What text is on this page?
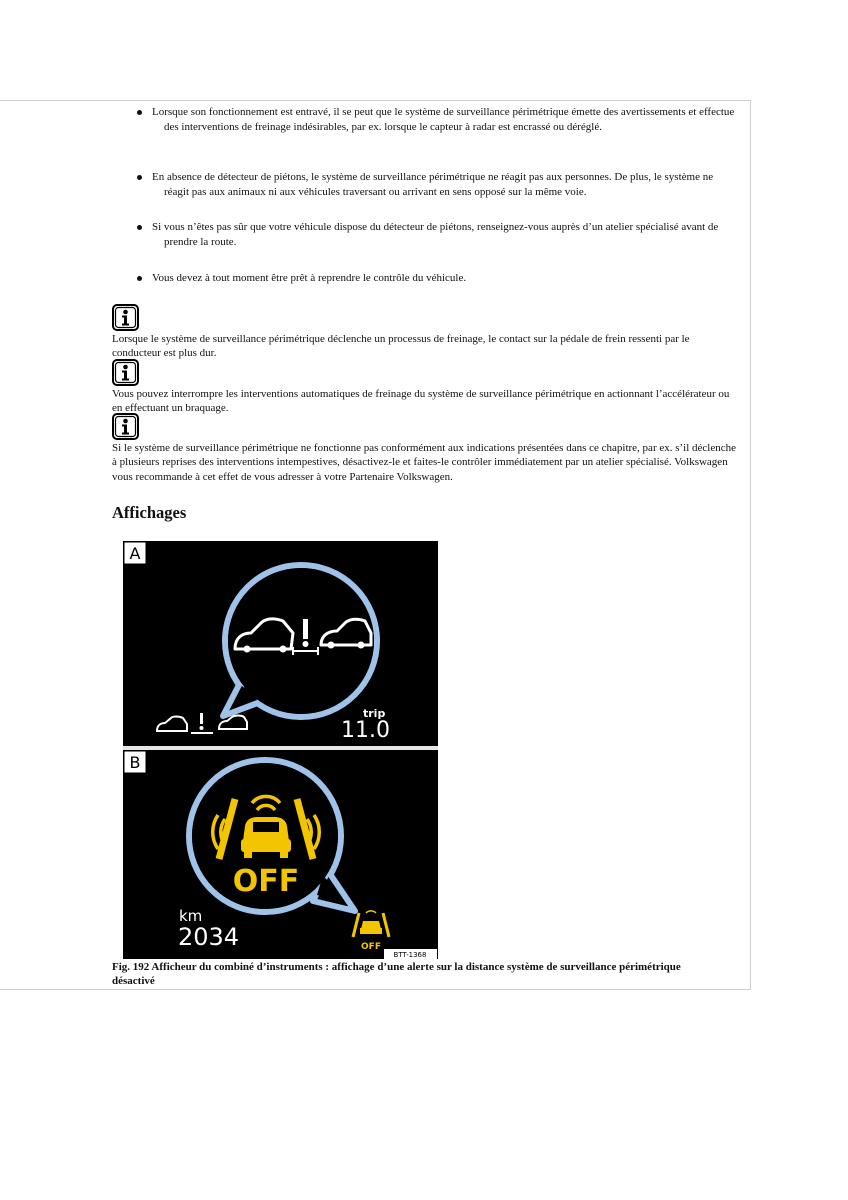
Lorsque son fonctionnement est entravé, il se peut que le système de surveillance périmétrique émette des avertissements et effectue des interventions de freinage indésirables, par ex. lorsque le capteur à radar est encrassé ou déréglé.
En absence de détecteur de piétons, le système de surveillance périmétrique ne réagit pas aux personnes. De plus, le système ne réagit pas aux animaux ni aux véhicules traversant ou arrivant en sens opposé sur la même voie.
Si vous n’êtes pas sûr que votre véhicule dispose du détecteur de piétons, renseignez-vous auprès d’un atelier spécialisé avant de prendre la route.
Vous devez à tout moment être prêt à reprendre le contrôle du véhicule.
Lorsque le système de surveillance périmétrique déclenche un processus de freinage, le contact sur la pédale de frein ressenti par le conducteur est plus dur.
Vous pouvez interrompre les interventions automatiques de freinage du système de surveillance périmétrique en actionnant l’accélérateur ou en effectuant un braquage.
Si le système de surveillance périmétrique ne fonctionne pas conformément aux indications présentées dans ce chapitre, par ex. s’il déclenche à plusieurs reprises des interventions intempestives, désactivez-le et faites-le contrôler immédiatement par un atelier spécialisé. Volkswagen vous recommande à cet effet de vous adresser à votre Partenaire Volkswagen.
Affichages
A
trip
11.0
B
OFF
OFF
km
2034
BTT-1368
Fig. 192 Afficheur du combiné d’instruments : affichage d’une alerte sur la distance système de surveillance périmétrique désactivé
